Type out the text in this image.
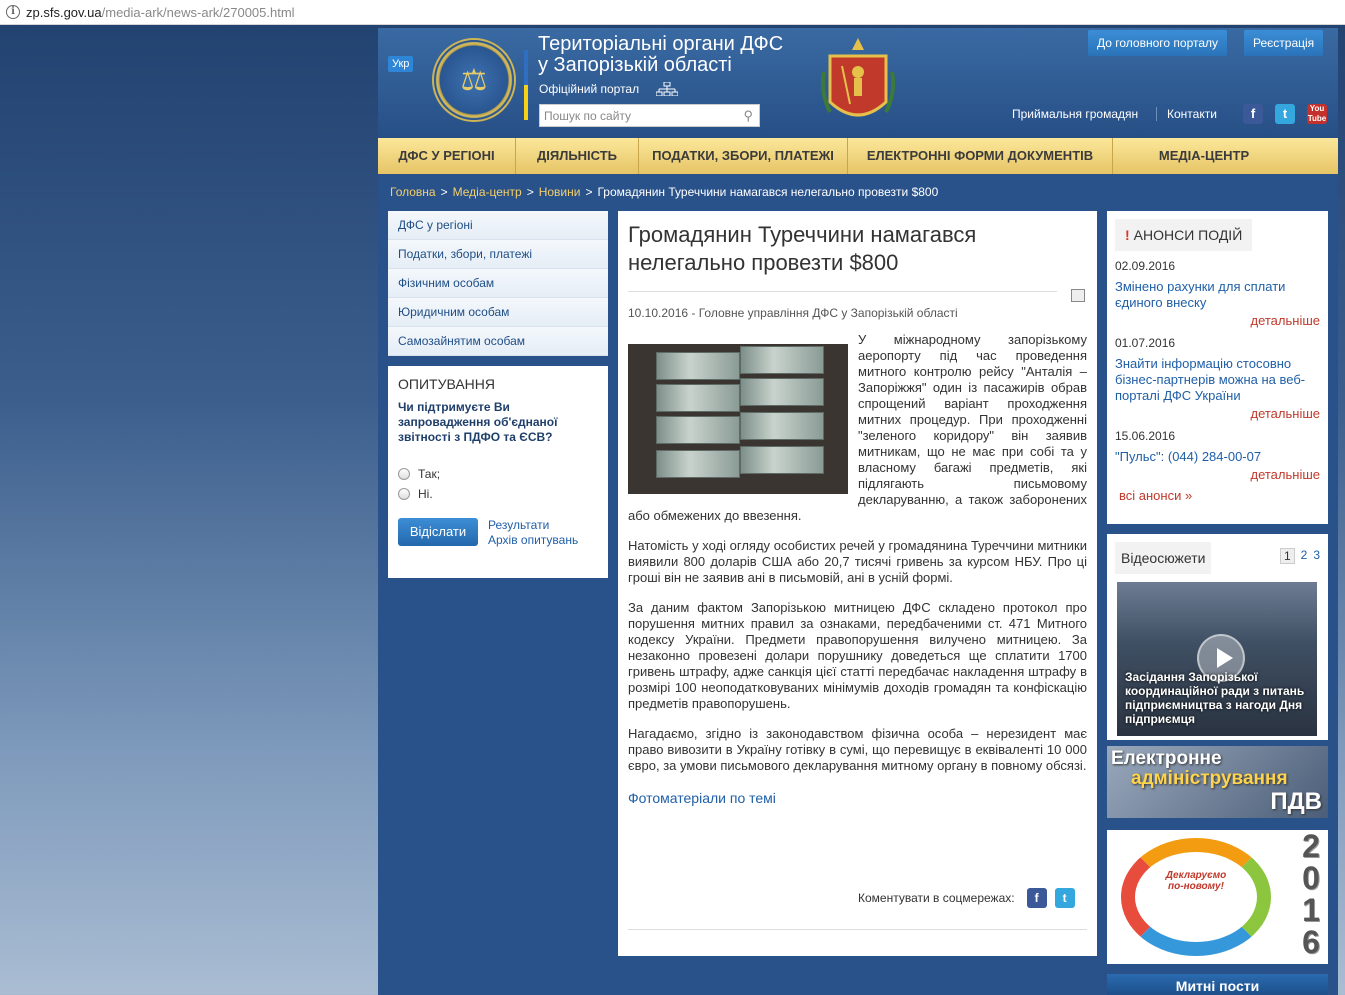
i zp.sfs.gov.ua /media-ark/news-ark/270005.html
Укр ⚖
Територіальні органи ДФС
у Запорізькій області
Офіційний портал
Пошук по сайту
⚲
До головного порталу	Реєстрація
Приймальня громадян Контакти	f	t	You Tube
ДФС У РЕГІОНІ	ДІЯЛЬНІСТЬ	ПОДАТКИ, ЗБОРИ, ПЛАТЕЖІ	ЕЛЕКТРОННІ ФОРМИ ДОКУМЕНТІВ	МЕДІА-ЦЕНТР
Головна > Медіа-центр > Новини > Громадянин Туреччини намагався нелегально провезти $800
ДФС у регіоні
Податки, збори, платежі
Фізичним особам
Юридичним особам
Самозайнятим особам
ОПИТУВАННЯ
Чи підтримуєте Ви запровадження об'єднаної звітності з ПДФО та ЄСВ?
Так;
Ні.
Відіслати	Результати
Архів опитувань
Громадянин Туреччини намагався нелегально провезти $800
10.10.2016 - Головне управління ДФС у Запорізькій області

У міжнародному запорізькому аеропорту під час проведення митного контролю рейсу "Анталія – Запоріжжя" один із пасажирів обрав спрощений варіант проходження митних процедур. При проходженні "зеленого коридору" він заявив митникам, що не має при собі та у власному багажі предметів, які підлягають письмовому декларуванню, а також заборонених або обмежених до ввезення.

Натомість у ході огляду особистих речей у громадянина Туреччини митники виявили 800 доларів США або 20,7 тисячі гривень за курсом НБУ. Про ці гроші він не заявив ані в письмовій, ані в усній формі.

За даним фактом Запорізькою митницею ДФС складено протокол про порушення митних правил за ознаками, передбаченими ст. 471 Митного кодексу України. Предмети правопорушення вилучено митницею. За незаконно провезені долари порушнику доведеться ще сплатити 1700 гривень штрафу, адже санкція цієї статті передбачає накладення штрафу в розмірі 100 неоподатковуваних мінімумів доходів громадян та конфіскацію предметів правопорушень.

Нагадаємо, згідно із законодавством фізична особа – нерезидент має право вивозити в Україну готівку в сумі, що перевищує в еквіваленті 10 000 євро, за умови письмового декларування митному органу в повному обсязі.

Фотоматеріали по темі
Коментувати в соцмережах:	f	t
! АНОНСИ ПОДІЙ
02.09.2016
Змінено рахунки для сплати єдиного внеску
детальніше
01.07.2016
Знайти інформацію стосовно бізнес-партнерів можна на веб-порталі ДФС України
детальніше
15.06.2016
"Пульс": (044) 284-00-07
детальніше
всі анонси »
Відеосюжети	1 2 3
Засідання Запорізької координаційної ради з питань підприємництва з нагоди Дня підприємця
Електронне
адміністрування
ПДВ
Декларуємо по-новому!
2
0
1
6
Митні пости
